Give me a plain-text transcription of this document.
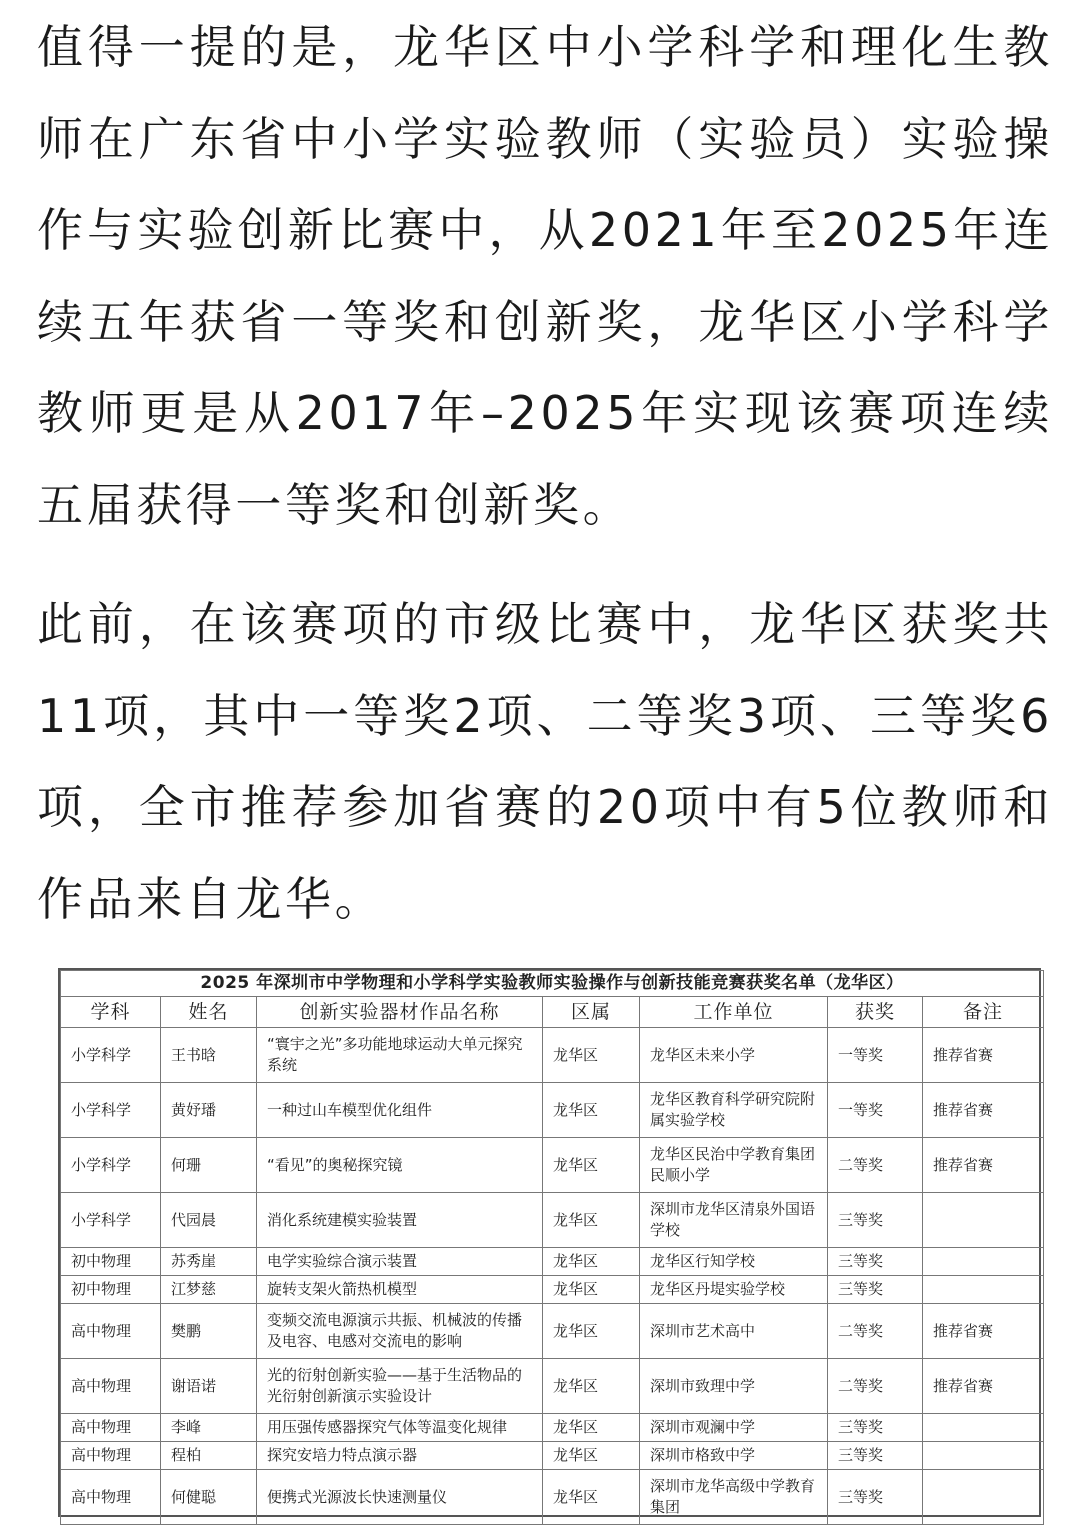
值得一提的是，龙华区中小学科学和理化生教师在广东省中小学实验教师（实验员）实验操作与实验创新比赛中，从2021年至2025年连续五年获省一等奖和创新奖，龙华区小学科学教师更是从2017年–2025年实现该赛项连续五届获得一等奖和创新奖。

此前，在该赛项的市级比赛中，龙华区获奖共11项，其中一等奖2项、二等奖3项、三等奖6项，全市推荐参加省赛的20项中有5位教师和作品来自龙华。

2025 年深圳市中学物理和小学科学实验教师实验操作与创新技能竞赛获奖名单（龙华区）						
学科	姓名	创新实验器材作品名称	区属	工作单位	获奖	备注
小学科学	王书晗	“寰宇之光”多功能地球运动大单元探究系统	龙华区	龙华区未来小学	一等奖	推荐省赛
小学科学	黄妤璠	一种过山车模型优化组件	龙华区	龙华区教育科学研究院附属实验学校	一等奖	推荐省赛
小学科学	何珊	“看见”的奥秘探究镜	龙华区	龙华区民治中学教育集团民顺小学	二等奖	推荐省赛
小学科学	代园晨	消化系统建模实验装置	龙华区	深圳市龙华区清泉外国语学校	三等奖	
初中物理	苏秀崖	电学实验综合演示装置	龙华区	龙华区行知学校	三等奖	
初中物理	江梦慈	旋转支架火箭热机模型	龙华区	龙华区丹堤实验学校	三等奖	
高中物理	樊鹏	变频交流电源演示共振、机械波的传播及电容、电感对交流电的影响	龙华区	深圳市艺术高中	二等奖	推荐省赛
高中物理	谢语诺	光的衍射创新实验——基于生活物品的光衍射创新演示实验设计	龙华区	深圳市致理中学	二等奖	推荐省赛
高中物理	李峰	用压强传感器探究气体等温变化规律	龙华区	深圳市观澜中学	三等奖	
高中物理	程柏	探究安培力特点演示器	龙华区	深圳市格致中学	三等奖	
高中物理	何健聪	便携式光源波长快速测量仪	龙华区	深圳市龙华高级中学教育集团	三等奖	
